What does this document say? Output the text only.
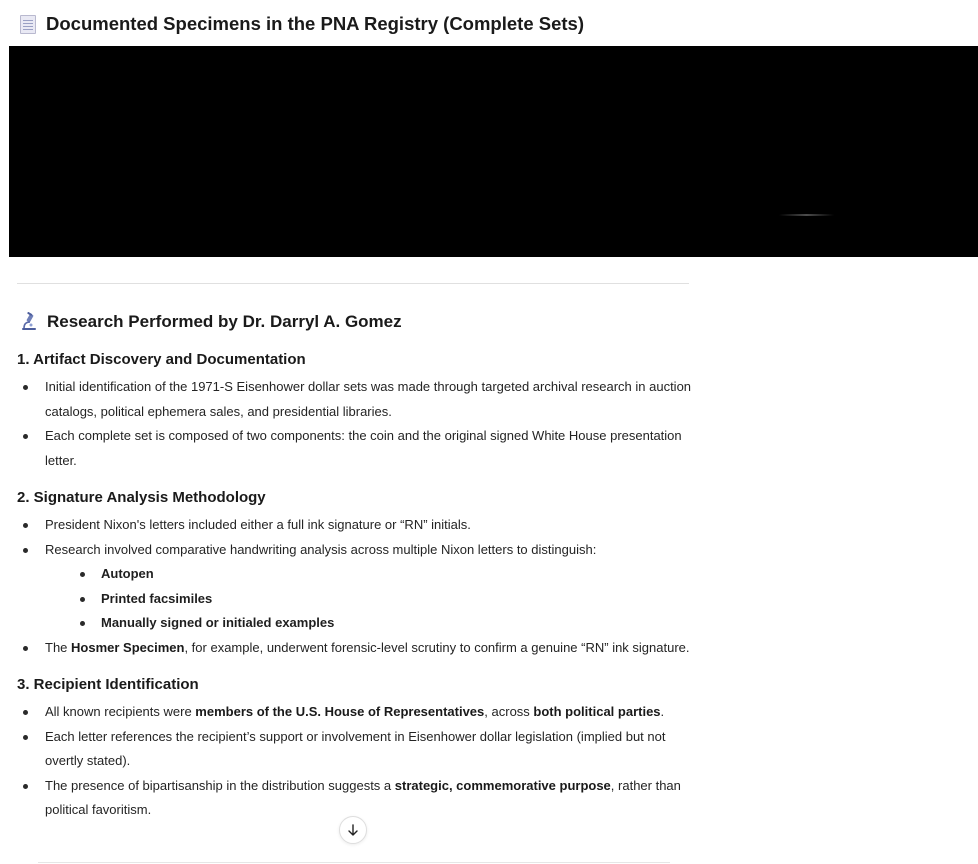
Documented Specimens in the PNA Registry (Complete Sets)
Research Performed by Dr. Darryl A. Gomez
1. Artifact Discovery and Documentation
Initial identification of the 1971-S Eisenhower dollar sets was made through targeted archival research in auction catalogs, political ephemera sales, and presidential libraries.
Each complete set is composed of two components: the coin and the original signed White House presentation letter.
2. Signature Analysis Methodology
President Nixon's letters included either a full ink signature or “RN” initials.
Research involved comparative handwriting analysis across multiple Nixon letters to distinguish:
Autopen
Printed facsimiles
Manually signed or initialed examples
The Hosmer Specimen, for example, underwent forensic-level scrutiny to confirm a genuine “RN” ink signature.
3. Recipient Identification
All known recipients were members of the U.S. House of Representatives, across both political parties.
Each letter references the recipient’s support or involvement in Eisenhower dollar legislation (implied but not overtly stated).
The presence of bipartisanship in the distribution suggests a strategic, commemorative purpose, rather than political favoritism.
